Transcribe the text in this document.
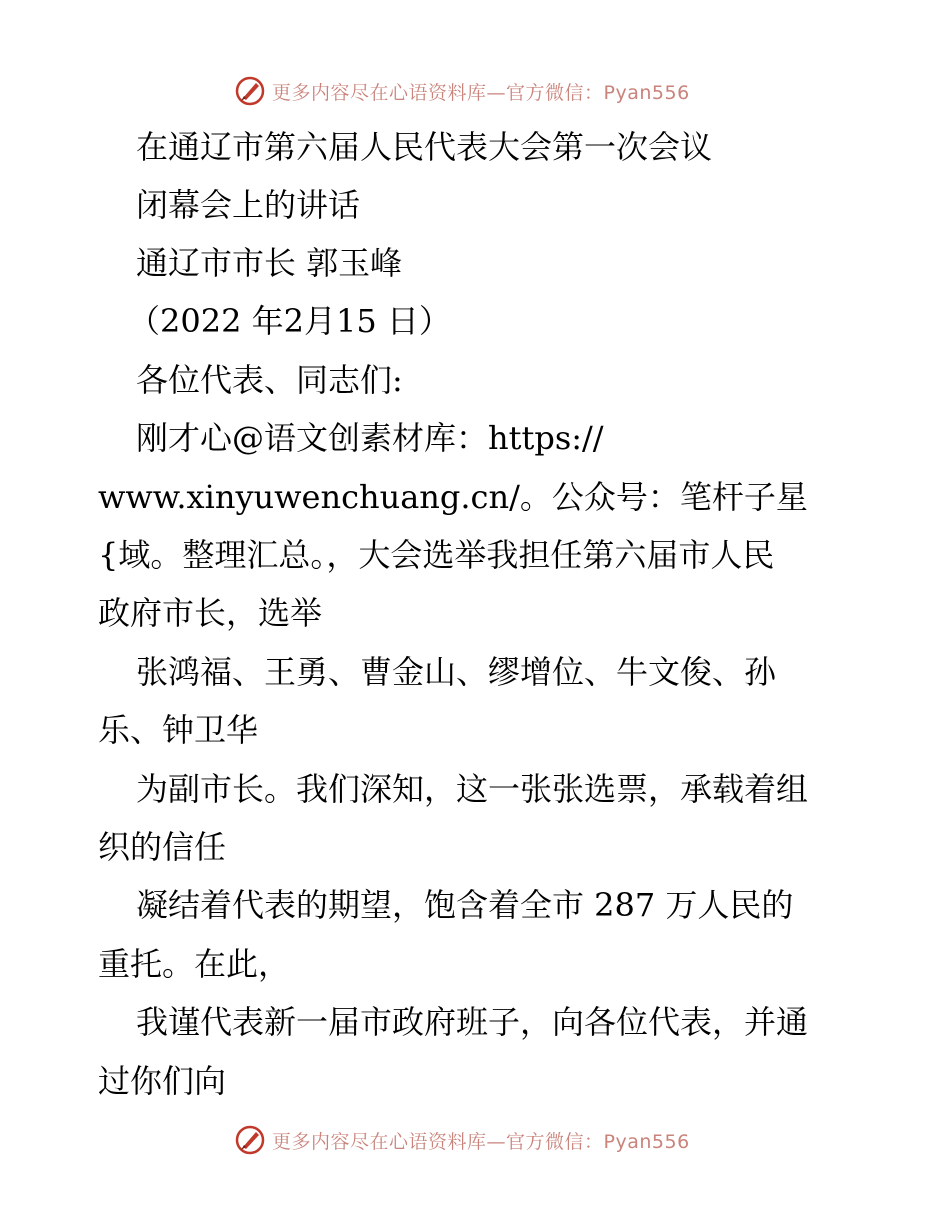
更多内容尽在心语资料库—官方微信：Pyan556
在通辽市第六届人民代表大会第一次会议
闭幕会上的讲话
通辽市市长 郭玉峰
（2022 年2月15 日）
各位代表、同志们:
刚才心@语文创素材库：https://
www.xinyuwenchuang.cn/。公众号：笔杆子星
{域。整理汇总。，大会选举我担任第六届市人民
政府市长，选举
张鸿福、王勇、曹金山、缪增位、牛文俊、孙
乐、钟卫华
为副市长。我们深知，这一张张选票，承载着组
织的信任
凝结着代表的期望，饱含着全市 287 万人民的
重托。在此，
我谨代表新一届市政府班子，向各位代表，并通
过你们向
更多内容尽在心语资料库—官方微信：Pyan556
